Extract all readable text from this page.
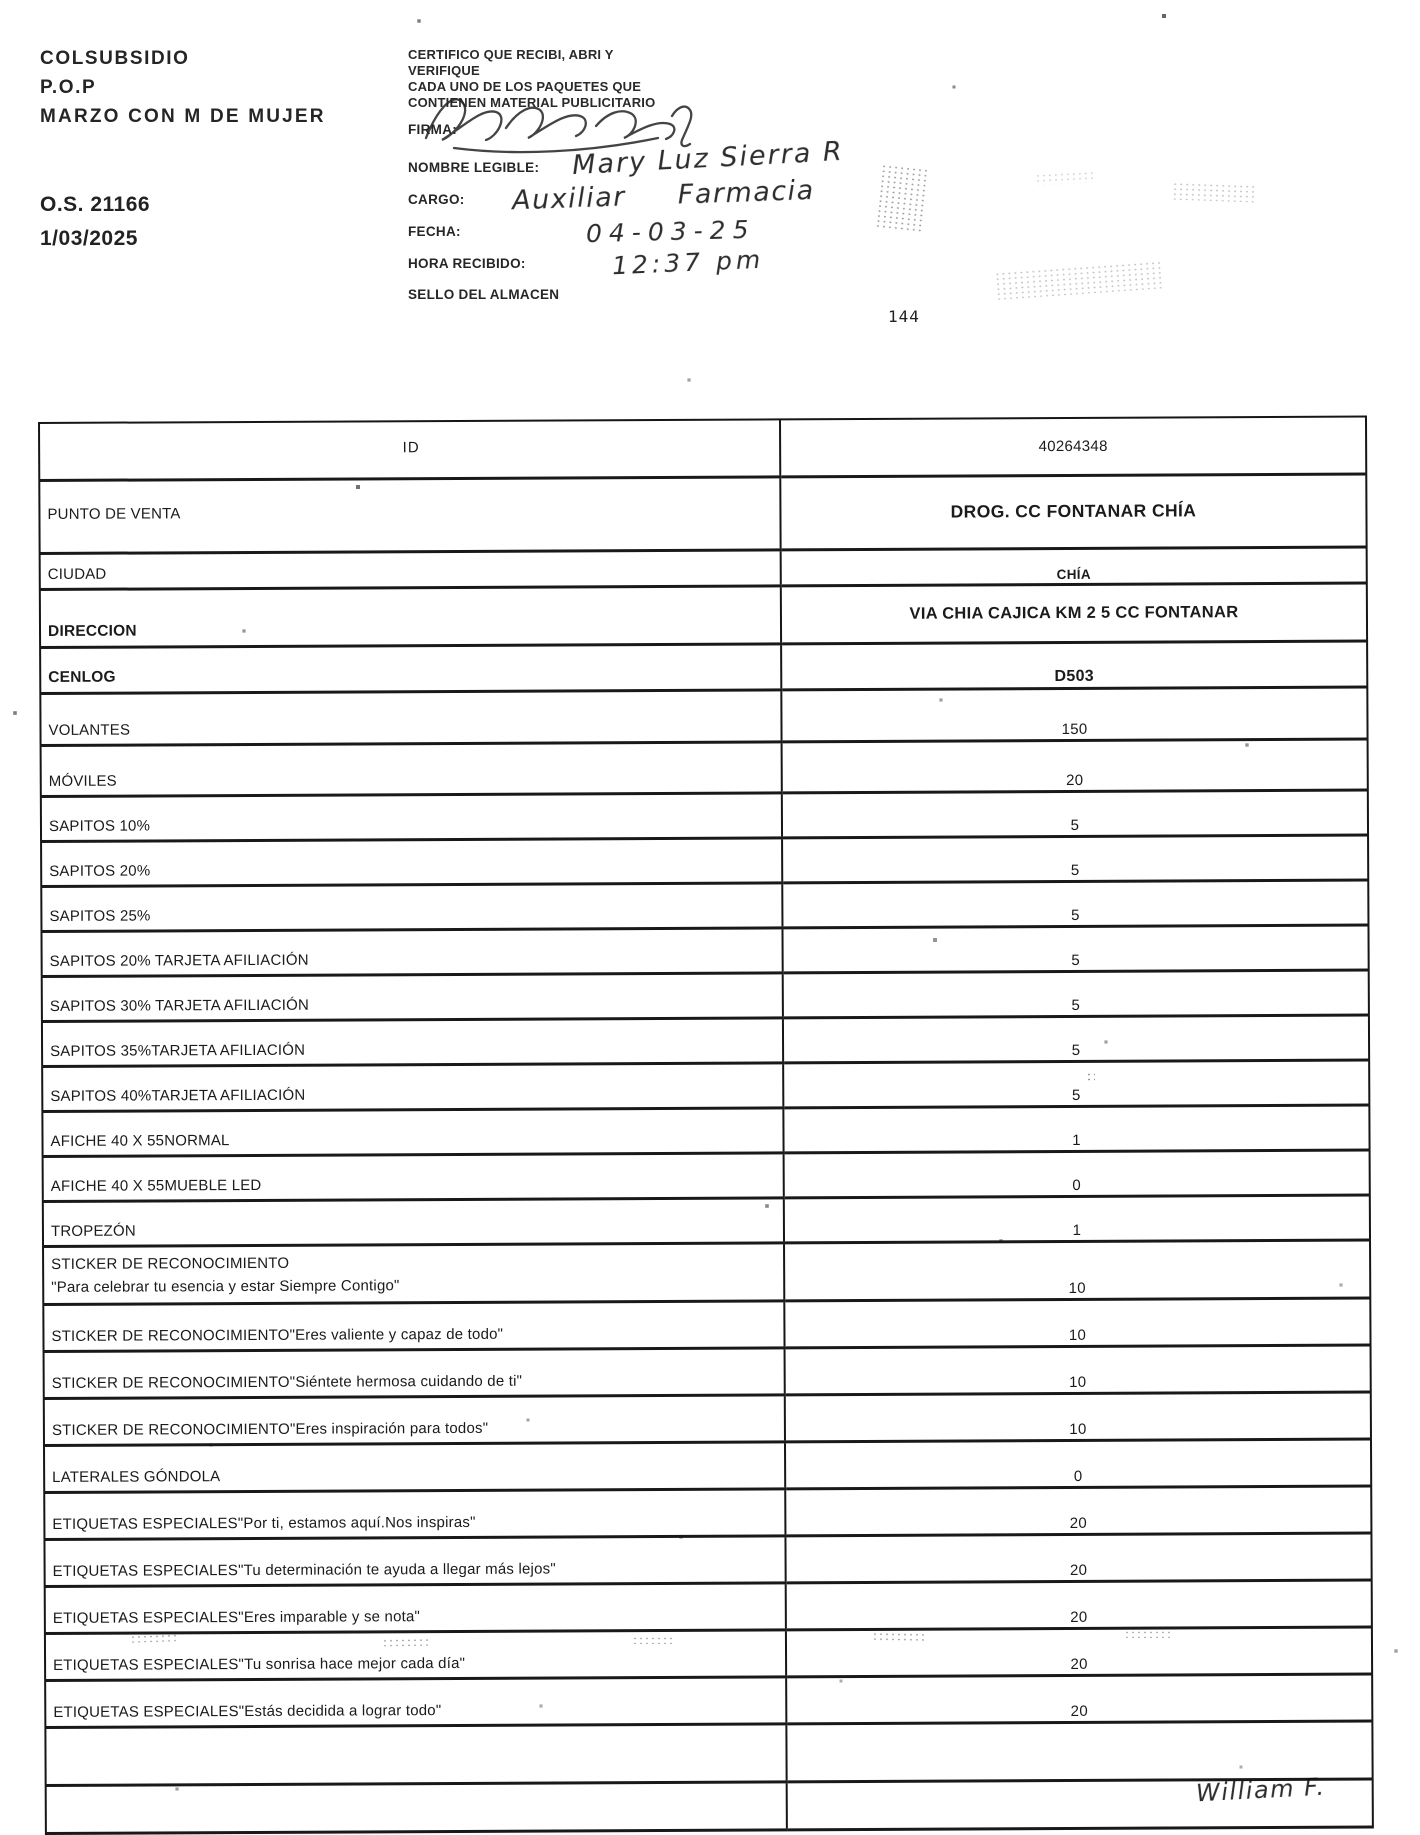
COLSUBSIDIO
P.O.P
MARZO CON M DE MUJER
O.S. 21166
1/03/2025
CERTIFICO QUE RECIBI, ABRI Y
VERIFIQUE
CADA UNO DE LOS PAQUETES QUE
CONTIENEN MATERIAL PUBLICITARIO
FIRMA:
NOMBRE LEGIBLE:
CARGO:
FECHA:
HORA RECIBIDO:
SELLO DEL ALMACEN
Mary Luz Sierra R
Auxiliar Farmacia
04-03-25
12:37 pm
144
ID	40264348

PUNTO DE VENTA	DROG. CC FONTANAR CHÍA

CIUDAD	CHÍA

DIRECCION	VIA CHIA CAJICA KM 2 5 CC FONTANAR

CENLOG	D503

VOLANTES	150

MÓVILES	20

SAPITOS 10%	5

SAPITOS 20%	5

SAPITOS 25%	5

SAPITOS 20% TARJETA AFILIACIÓN	5

SAPITOS 30% TARJETA AFILIACIÓN	5

SAPITOS 35%TARJETA AFILIACIÓN	5

SAPITOS 40%TARJETA AFILIACIÓN	5

AFICHE 40 X 55NORMAL	1

AFICHE 40 X 55MUEBLE LED	0

TROPEZÓN	1

STICKER DE RECONOCIMIENTO
"Para celebrar tu esencia y estar Siempre Contigo"	10

STICKER DE RECONOCIMIENTO"Eres valiente y capaz de todo"	10

STICKER DE RECONOCIMIENTO"Siéntete hermosa cuidando de ti"	10

STICKER DE RECONOCIMIENTO"Eres inspiración para todos"	10

LATERALES GÓNDOLA	0

ETIQUETAS ESPECIALES"Por ti, estamos aquí.Nos inspiras"	20

ETIQUETAS ESPECIALES"Tu determinación te ayuda a llegar más lejos"	20

ETIQUETAS ESPECIALES"Eres imparable y se nota"	20

ETIQUETAS ESPECIALES"Tu sonrisa hace mejor cada día"	20

ETIQUETAS ESPECIALES"Estás decidida a lograr todo"	20

William F.
